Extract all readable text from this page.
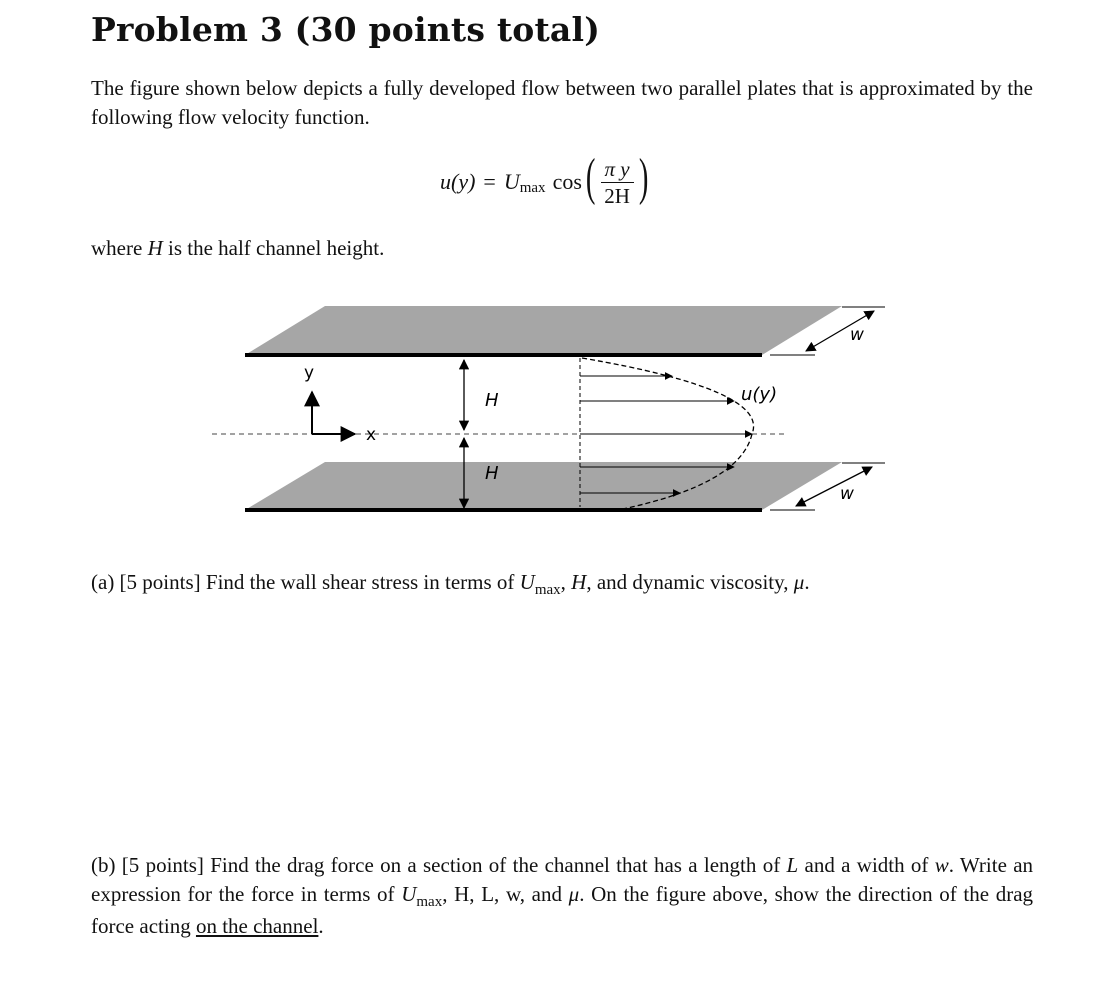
Problem 3 (30 points total)
The figure shown below depicts a fully developed flow between two parallel plates that is approximated by the following flow velocity function.
u(y) = U max cos ( $\frac{\text{π y}}{2H}$ )
where H is the half channel height.
w
w
y
x
H
H
u(y)
(a) [5 points] Find the wall shear stress in terms of $U_{max}$, H, and dynamic viscosity, μ.
(b) [5 points] Find the drag force on a section of the channel that has a length of L and a width of w. Write an expression for the force in terms of $U_{max}$, H, L, w, and μ. On the figure above, show the direction of the drag force acting on the channel.
